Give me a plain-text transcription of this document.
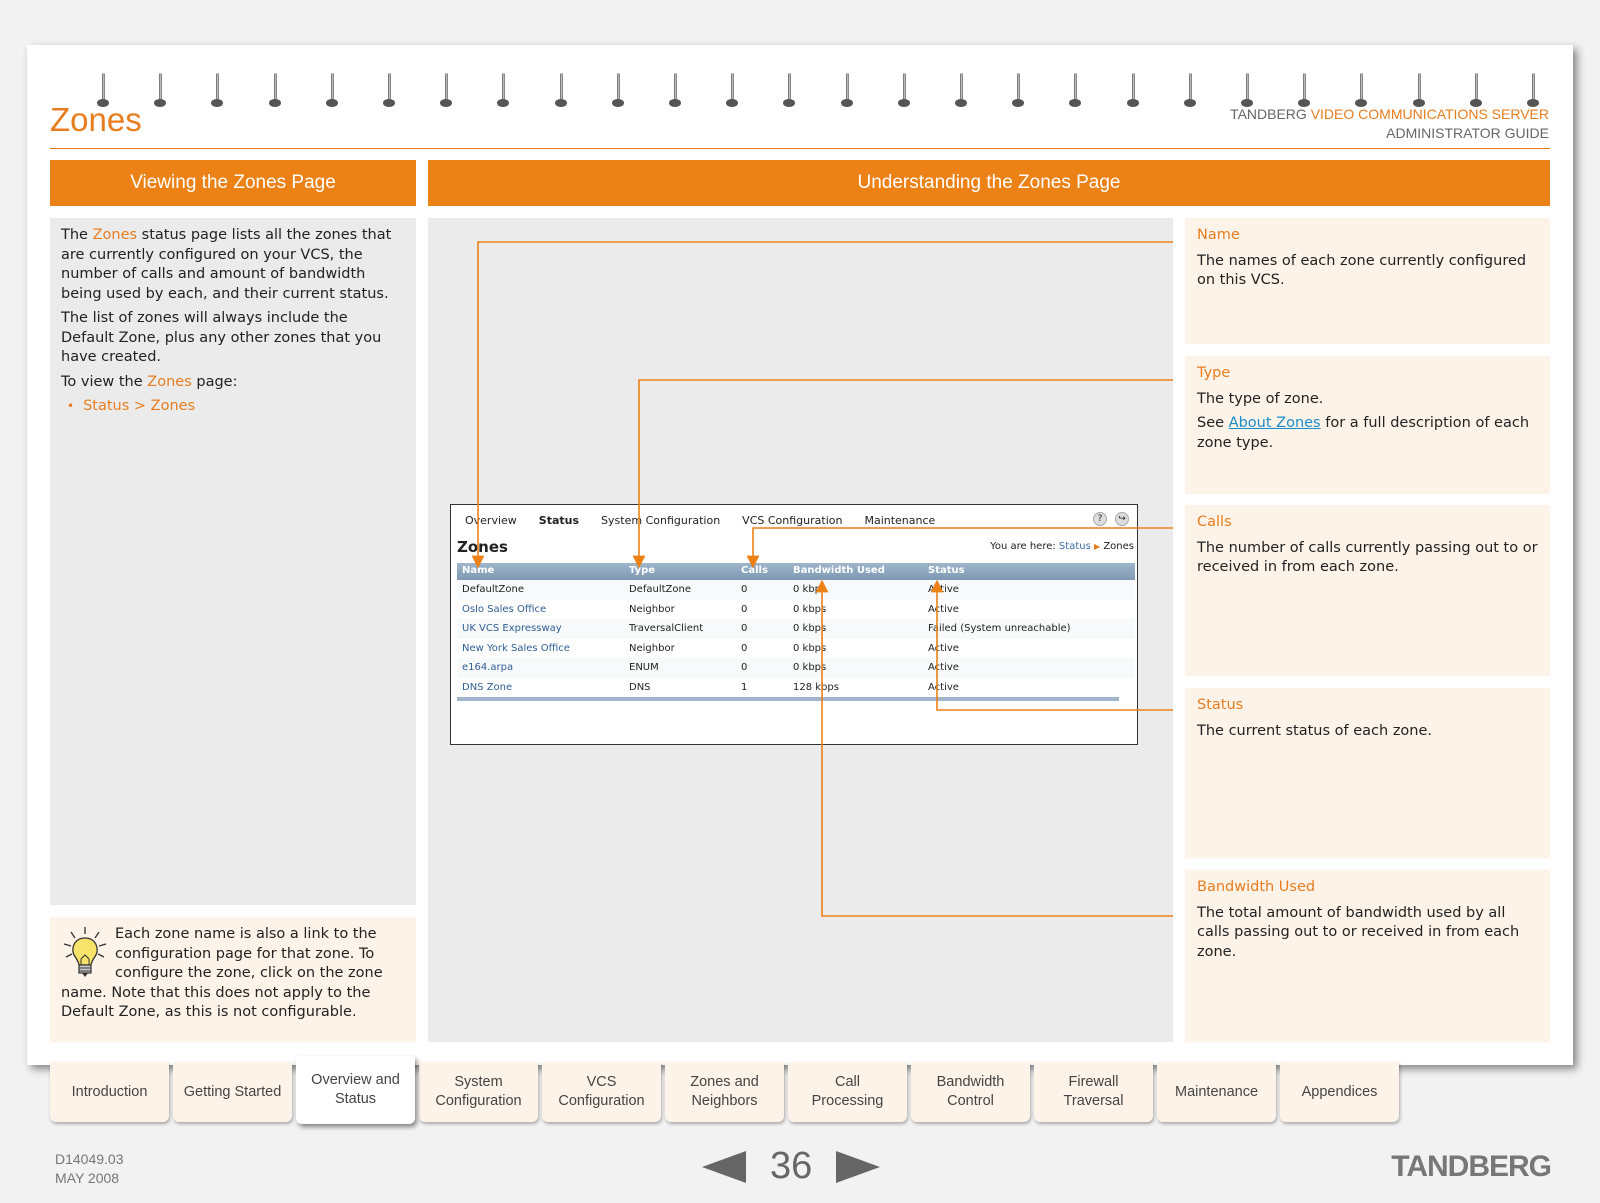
Zones	TANDBERG VIDEO COMMUNICATIONS SERVER
ADMINISTRATOR GUIDE
Viewing the Zones Page	Understanding the Zones Page

The Zones status page lists all the zones that are currently configured on your VCS, the number of calls and amount of bandwidth being used by each, and their current status.

The list of zones will always include the Default Zone, plus any other zones that you have created.

To view the Zones page:

• Status > Zones
Each zone name is also a link to the configuration page for that zone. To configure the zone, click on the zone name. Note that this does not apply to the Default Zone, as this is not configurable.
Overview Status System Configuration VCS Configuration Maintenance	?	↪
Zones	You are here: Status ▶ Zones
Name	Type	Calls	Bandwidth Used	Status
DefaultZone	DefaultZone	0	0 kbps	Active
Oslo Sales Office	Neighbor	0	0 kbps	Active
UK VCS Expressway	TraversalClient	0	0 kbps	Failed (System unreachable)
New York Sales Office	Neighbor	0	0 kbps	Active
e164.arpa	ENUM	0	0 kbps	Active
DNS Zone	DNS	1	128 kbps	Active
Name

The names of each zone currently configured on this VCS.

Type

The type of zone.

See About Zones for a full description of each zone type.

Calls

The number of calls currently passing out to or received in from each zone.

Status

The current status of each zone.

Bandwidth Used

The total amount of bandwidth used by all calls passing out to or received in from each zone.

Introduction	Getting Started
Overview and
Status
System
Configuration
VCS
Configuration
Zones and
Neighbors
Call
Processing
Bandwidth
Control
Firewall
Traversal
Maintenance	Appendices
D14049.03
MAY 2008	36	TANDBERG
